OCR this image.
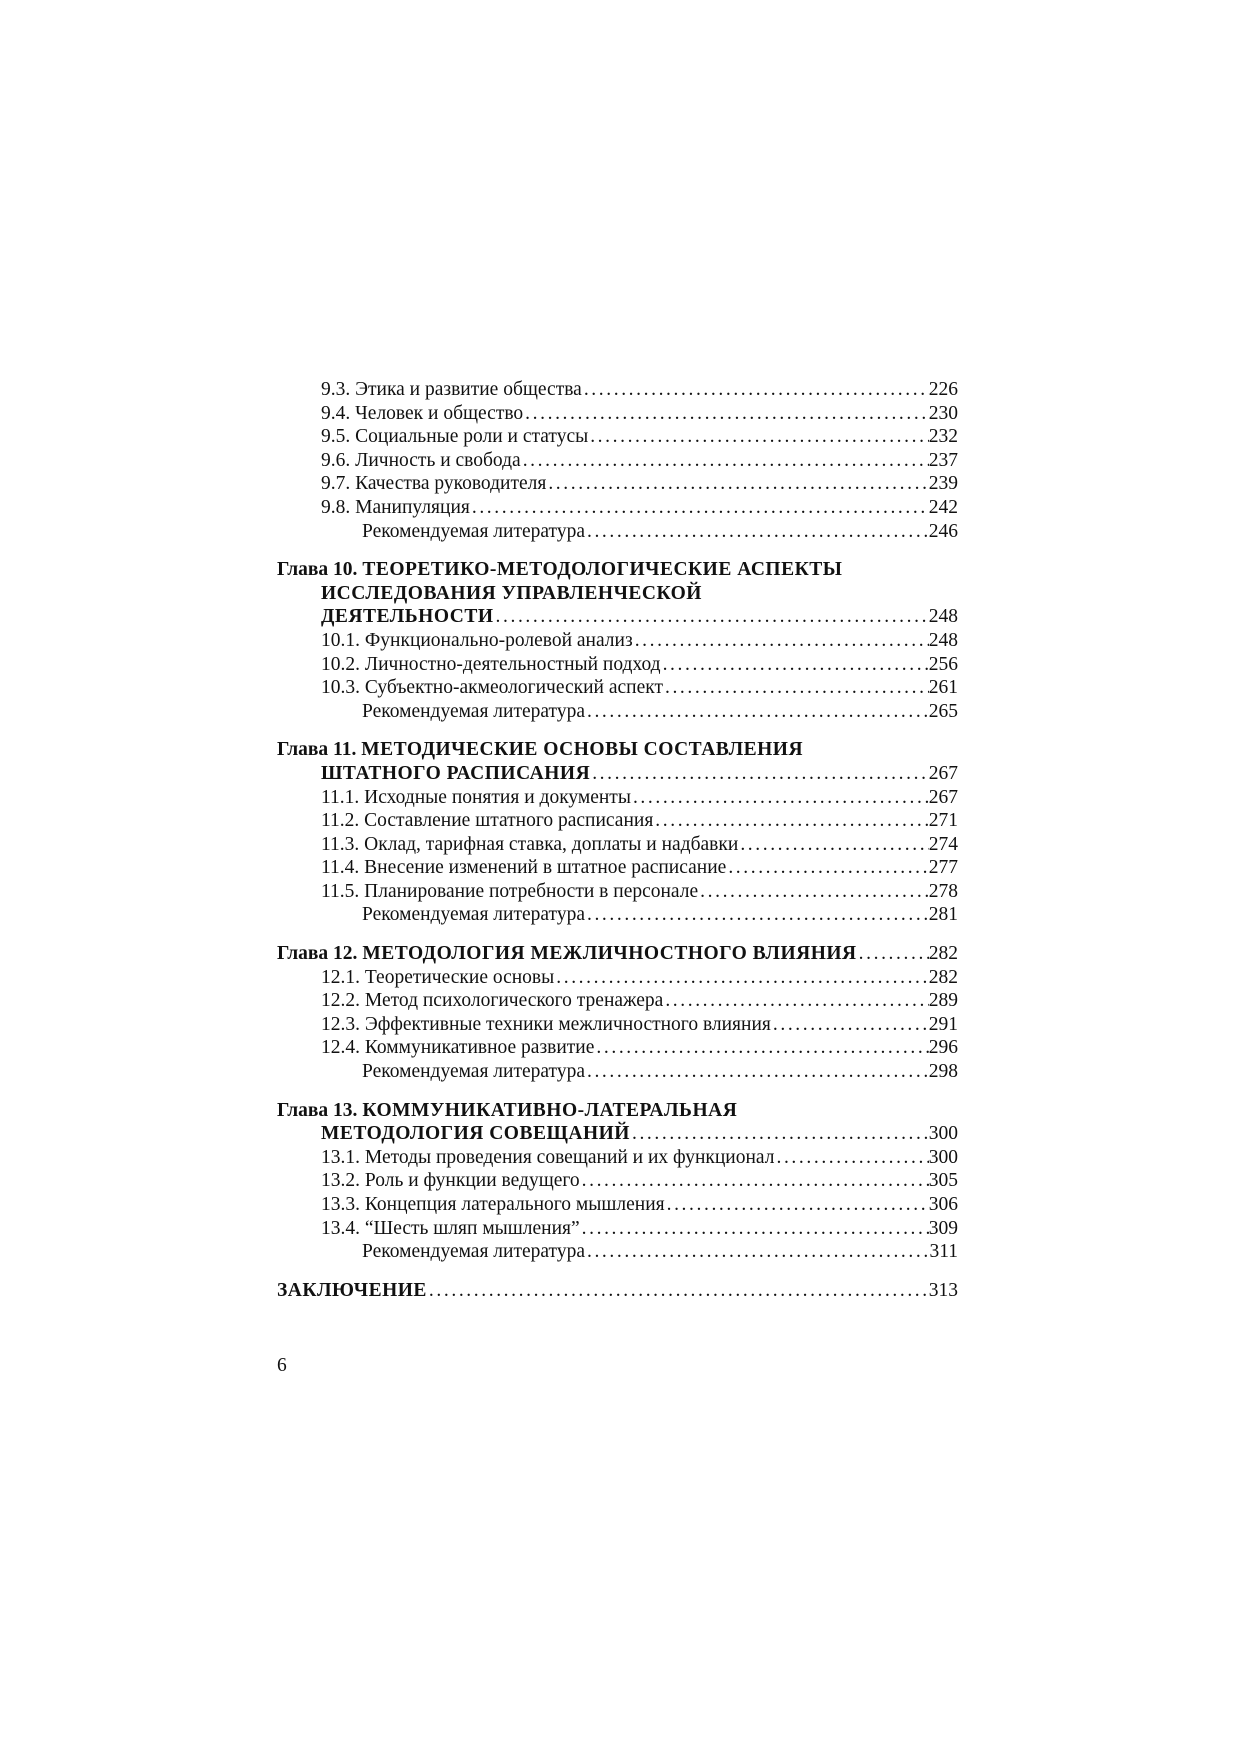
9.3. Этика и развитие общества .....	226
9.4. Человек и общество .....	230
9.5. Социальные роли и статусы .....	232
9.6. Личность и свобода .....	237
9.7. Качества руководителя .....	239
9.8. Манипуляция .....	242
Рекомендуемая литература .....	246
Глава 10.
ТЕОРЕТИКО-МЕТОДОЛОГИЧЕСКИЕ АСПЕКТЫ
ИССЛЕДОВАНИЯ УПРАВЛЕНЧЕСКОЙ
ДЕЯТЕЛЬНОСТИ .....	248
10.1. Функционально-ролевой анализ .....	248
10.2. Личностно-деятельностный подход .....	256
10.3. Субъектно-акмеологический аспект .....	261
Рекомендуемая литература .....	265
Глава 11.
МЕТОДИЧЕСКИЕ ОСНОВЫ СОСТАВЛЕНИЯ
ШТАТНОГО РАСПИСАНИЯ .....	267
11.1. Исходные понятия и документы .....	267
11.2. Составление штатного расписания .....	271
11.3. Оклад, тарифная ставка, доплаты и надбавки .....	274
11.4. Внесение изменений в штатное расписание .....	277
11.5. Планирование потребности в персонале .....	278
Рекомендуемая литература .....	281
Глава 12.
МЕТОДОЛОГИЯ МЕЖЛИЧНОСТНОГО ВЛИЯНИЯ .....	282
12.1. Теоретические основы .....	282
12.2. Метод психологического тренажера .....	289
12.3. Эффективные техники межличностного влияния .....	291
12.4. Коммуникативное развитие .....	296
Рекомендуемая литература .....	298
Глава 13.
КОММУНИКАТИВНО-ЛАТЕРАЛЬНАЯ
МЕТОДОЛОГИЯ СОВЕЩАНИЙ .....	300
13.1. Методы проведения совещаний и их функционал .....	300
13.2. Роль и функции ведущего .....	305
13.3. Концепция латерального мышления .....	306
13.4. “Шесть шляп мышления” .....	309
Рекомендуемая литература .....	311
ЗАКЛЮЧЕНИЕ .....	313
6
